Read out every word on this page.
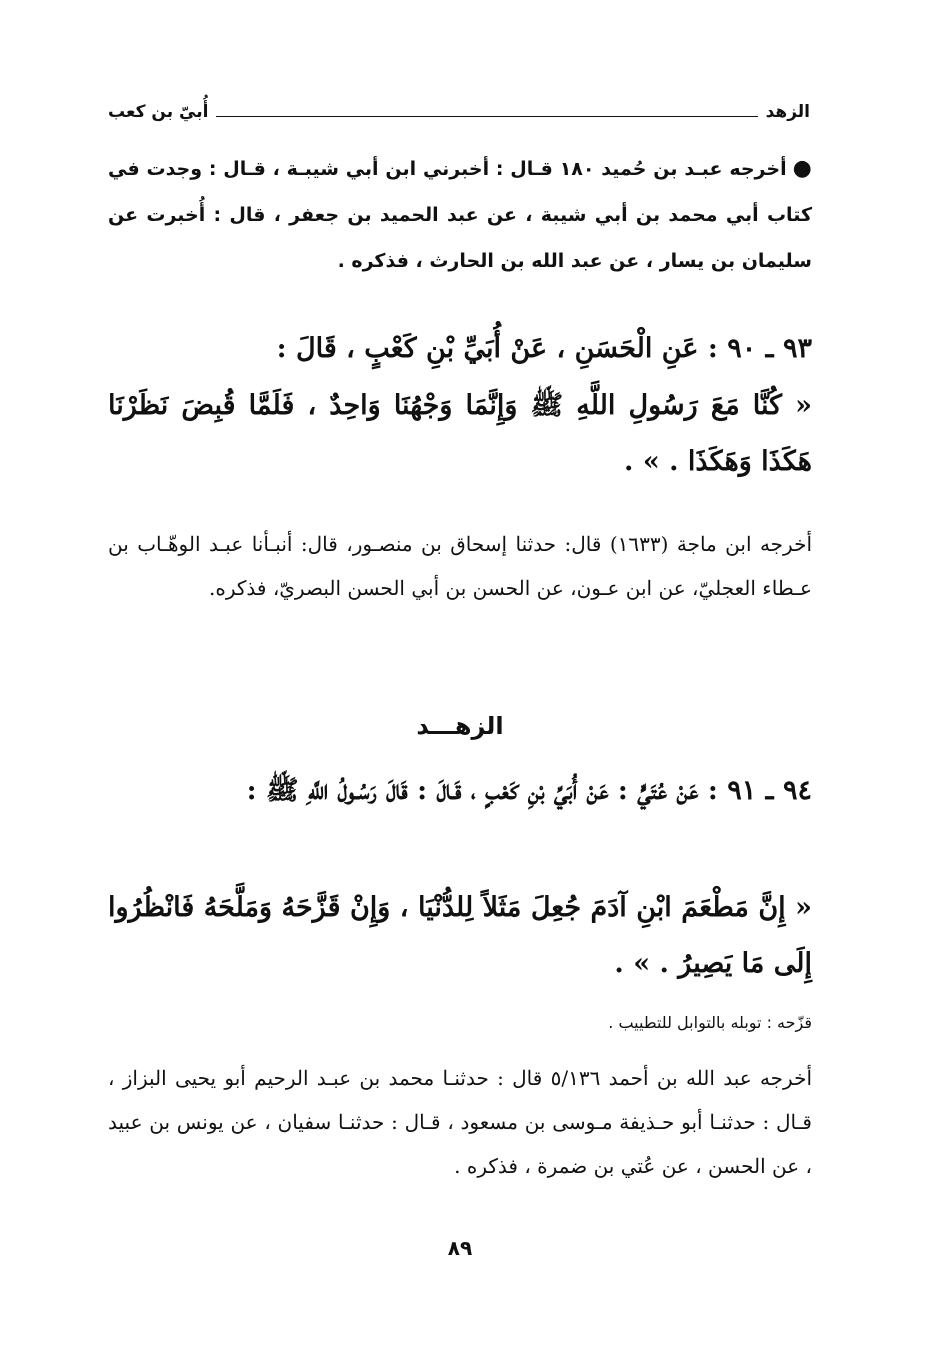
الزهد
أُبيّ بن كعب
●أخرجه عبـد بن حُميد ١٨٠ قـال : أخبرني ابن أبي شيبـة ، قـال : وجدت في كتاب أبي محمد بن أبي شيبة ، عن عبد الحميد بن جعفر ، قال : أُخبرت عن سليمان بن يسار ، عن عبد الله بن الحارث ، فذكره .
٩٣ ـ ٩٠ : عَنِ الْحَسَنِ ، عَنْ أُبَيِّ بْنِ كَعْبٍ ، قَالَ :
« كُنَّا مَعَ رَسُولِ اللَّهِ ﷺ وَإِنَّمَا وَجْهُنَا وَاحِدٌ ، فَلَمَّا قُبِضَ نَظَرْنَا هَكَذَا وَهَكَذَا . » .
أخرجه ابن ماجة (١٦٣٣) قال: حدثنا إسحاق بن منصـور، قال: أنبـأنا عبـد الوهّـاب بن عـطاء العجليّ، عن ابن عـون، عن الحسن بن أبي الحسن البصريّ، فذكره.
الزهـــد
٩٤ ـ ٩١ : عَنْ عُتَيٍّ : عَنْ أُبَيِّ بْنِ كَعْبٍ ، قَـالَ : قَالَ رَسُـولُ اللَّهِ ﷺ :
« إِنَّ مَطْعَمَ ابْنِ آدَمَ جُعِلَ مَثَلاً لِلدُّنْيَا ، وَإِنْ قَزَّحَهُ وَمَلَّحَهُ فَانْظُرُوا إِلَى مَا يَصِيرُ . » .
قزّحه : توبله بالتوابل للتطييب .
أخرجه عبد الله بن أحمد ٥/١٣٦ قال : حدثنـا محمد بن عبـد الرحيم أبو يحيى البزاز ، قـال : حدثنـا أبو حـذيفة مـوسى بن مسعود ، قـال : حدثنـا سفيان ، عن يونس بن عبيد ، عن الحسن ، عن عُتي بن ضمرة ، فذكره .
٨٩
